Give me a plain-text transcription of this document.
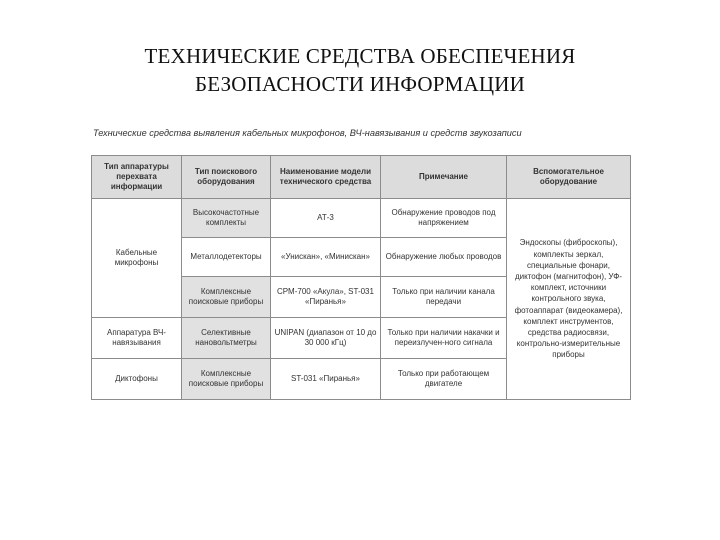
ТЕХНИЧЕСКИЕ СРЕДСТВА ОБЕСПЕЧЕНИЯ
БЕЗОПАСНОСТИ ИНФОРМАЦИИ
Технические средства выявления кабельных микрофонов, ВЧ-навязывания и средств звукозаписи
Тип аппаратуры перехвата информации	Тип поискового оборудования	Наименование модели технического средства	Примечание	Вспомогательное оборудование
Кабельные микрофоны	Высокочастотные комплекты	АТ-3	Обнаружение проводов под напряжением	Эндоскопы (фиброскопы), комплекты зеркал, специальные фонари, диктофон (магнитофон), УФ-комплект, источники контрольного звука, фотоаппарат (видеокамера), комплект инструментов, средства радиосвязи, контрольно-измерительные приборы
	Металлодетекторы	«Унискан», «Минискан»	Обнаружение любых проводов	
	Комплексные поисковые приборы	СРМ-700 «Акула», ST-031 «Пиранья»	Только при наличии канала передачи	
Аппаратура ВЧ-навязывания	Селективные нановольтметры	UNIPAN (диапазон от 10 до 30 000 кГц)	Только при наличии накачки и переизлучен-ного сигнала	
Диктофоны	Комплексные поисковые приборы	ST-031 «Пиранья»	Только при работающем двигателе	
